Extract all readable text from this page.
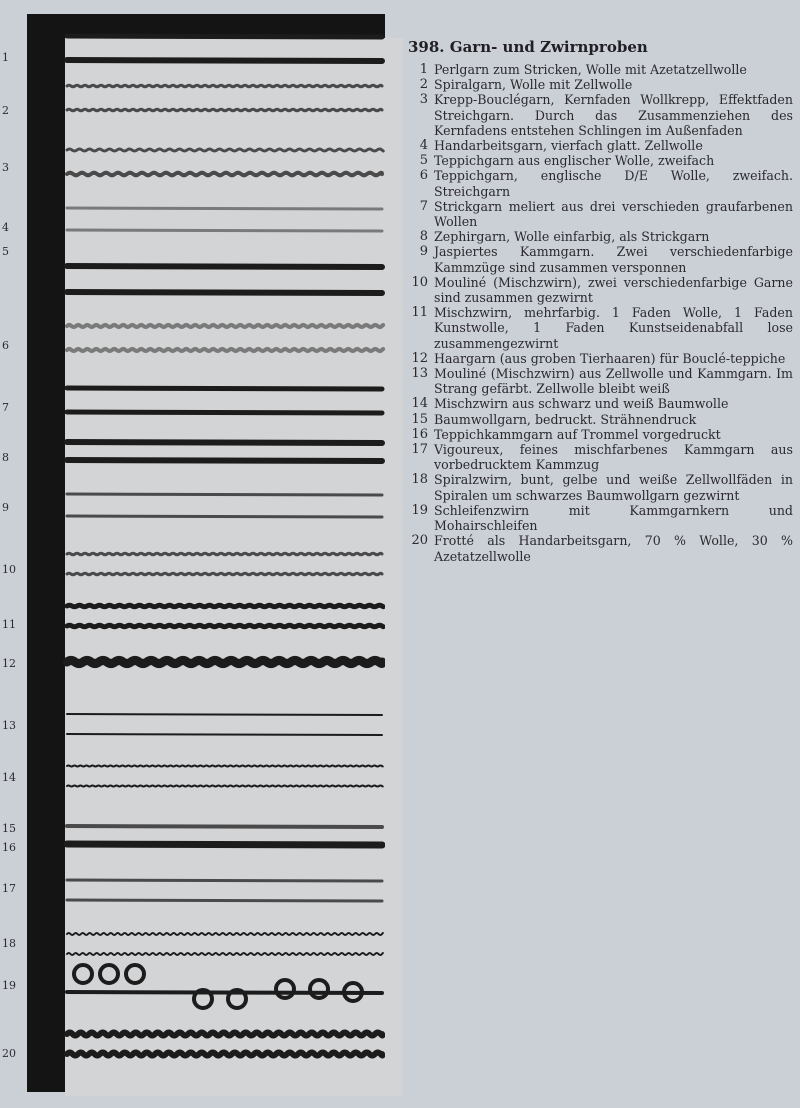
1
2
3
4
5
6
7
8
9
10
11
12
13
14
15
16
17
18
19
20
398. Garn- und Zwirnproben
1 Perlgarn zum Stricken, Wolle mit Azetatzellwolle
2 Spiralgarn, Wolle mit Zellwolle
3 Krepp-Bouclégarn, Kernfaden Wollkrepp, Effektfaden Streichgarn. Durch das Zusammenziehen des Kernfadens entstehen Schlingen im Außenfaden
4 Handarbeitsgarn, vierfach glatt. Zellwolle
5 Teppichgarn aus englischer Wolle, zweifach
6 Teppichgarn, englische D/E Wolle, zweifach. Streichgarn
7 Strickgarn meliert aus drei verschieden graufarbenen Wollen
8 Zephirgarn, Wolle einfarbig, als Strickgarn
9 Jaspiertes Kammgarn. Zwei verschiedenfarbige Kammzüge sind zusammen versponnen
10 Mouliné (Mischzwirn), zwei verschiedenfarbige Garne sind zusammen gezwirnt
11 Mischzwirn, mehrfarbig. 1 Faden Wolle, 1 Faden Kunstwolle, 1 Faden Kunstseidenabfall lose zusammengezwirnt
12 Haargarn (aus groben Tierhaaren) für Bouclé-teppiche
13 Mouliné (Mischzwirn) aus Zellwolle und Kammgarn. Im Strang gefärbt. Zellwolle bleibt weiß
14 Mischzwirn aus schwarz und weiß Baumwolle
15 Baumwollgarn, bedruckt. Strähnendruck
16 Teppichkammgarn auf Trommel vorgedruckt
17 Vigoureux, feines mischfarbenes Kammgarn aus vorbedrucktem Kammzug
18 Spiralzwirn, bunt, gelbe und weiße Zellwollfäden in Spiralen um schwarzes Baumwollgarn gezwirnt
19 Schleifenzwirn mit Kammgarnkern und Mohairschleifen
20 Frotté als Handarbeitsgarn, 70 % Wolle, 30 % Azetatzellwolle
